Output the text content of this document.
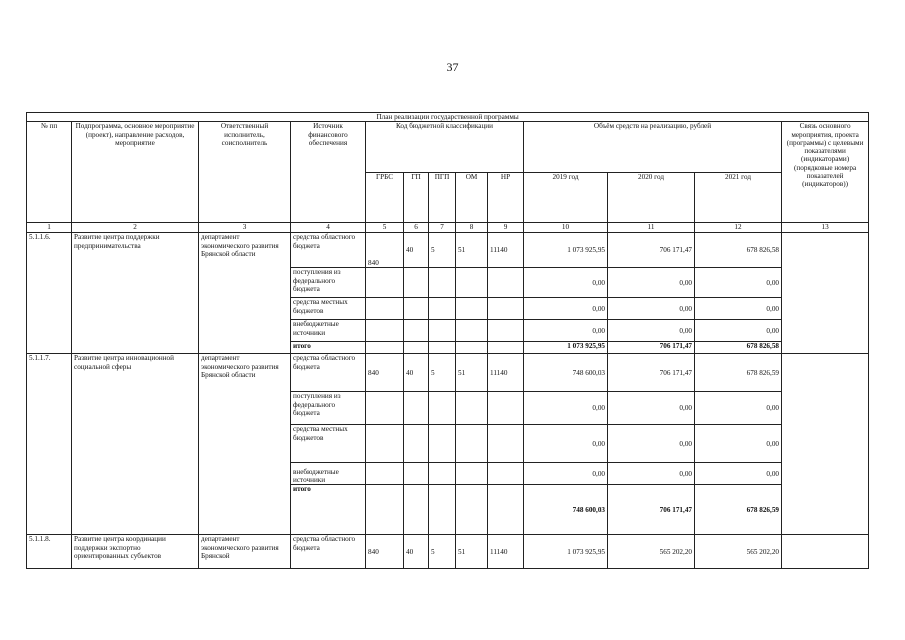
37
План реализации государственной программы												
№ пп	Подпрограмма, основное мероприятие (проект), направление расходов, мероприятие	Ответственный исполнитель, соисполнитель	Источник финансового обеспечения	Код бюджетной классификации					Объём средств на реализацию, рублей			Связь основного мероприятия, проекта (программы) с целевыми показателями (индикаторами) (порядковые номера показателей (индикаторов))
				ГРБС	ГП	ПГП	ОМ	НР	2019 год	2020 год	2021 год	
1	2	3	4	5	6	7	8	9	10	11	12	13
5.1.1.6.	Развитие центра поддержки предпринимательства	департамент экономического развития Брянской области	средства областного бюджета	840	40	5	51	11140	1 073 925,95	706 171,47	678 826,58	
			поступления из федерального бюджета						0,00	0,00	0,00	
			средства местных бюджетов						0,00	0,00	0,00	
			внебюджетные источники						0,00	0,00	0,00	
			итого						1 073 925,95	706 171,47	678 826,58	
5.1.1.7.	Развитие центра инновационной социальной сферы	департамент экономического развития Брянской области	средства областного бюджета	840	40	5	51	11140	748 600,03	706 171,47	678 826,59	
			поступления из федерального бюджета						0,00	0,00	0,00	
			средства местных бюджетов						0,00	0,00	0,00	
			внебюджетные источники						0,00	0,00	0,00	
			итого						748 600,03	706 171,47	678 826,59	
5.1.1.8.	Развитие центра координации поддержки экспортно ориентированных субъектов	департамент экономического развития Брянской	средства областного бюджета	840	40	5	51	11140	1 073 925,95	565 202,20	565 202,20	
